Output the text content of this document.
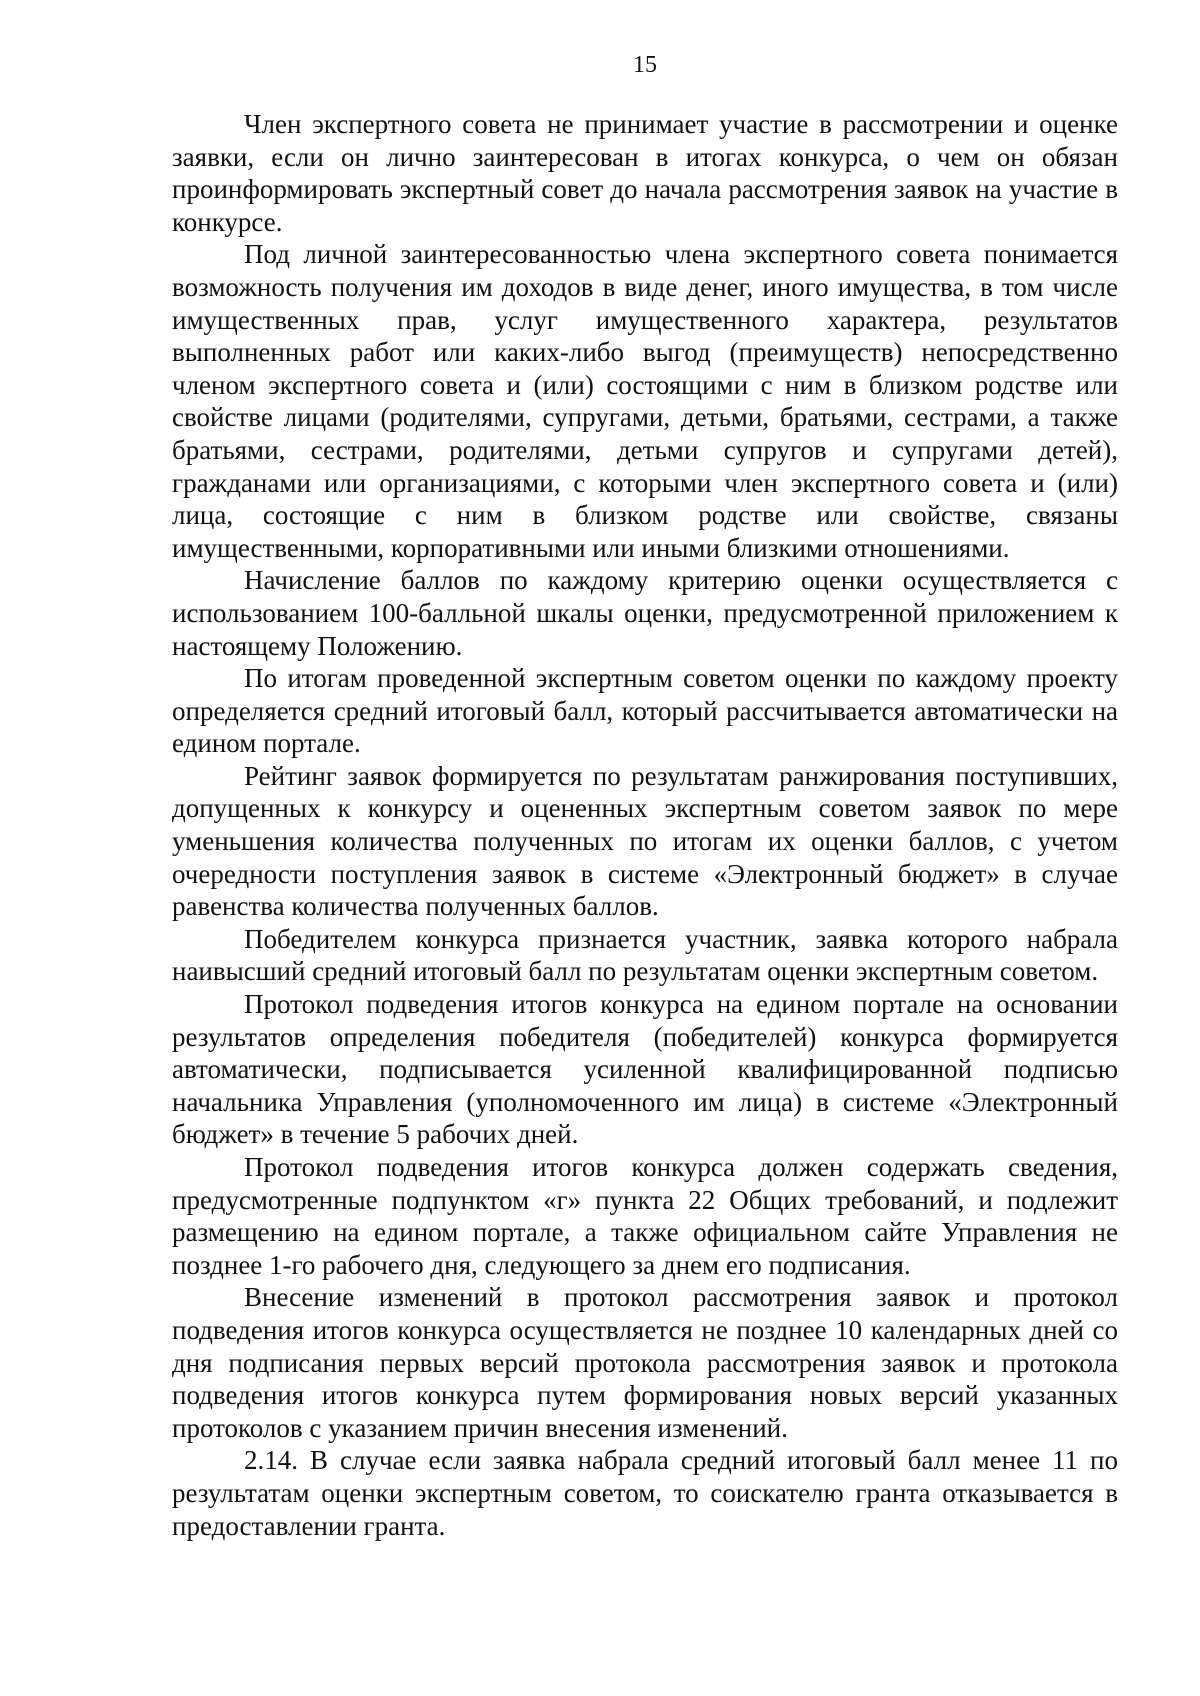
15

Член экспертного совета не принимает участие в рассмотрении и оценке заявки, если он лично заинтересован в итогах конкурса, о чем он обязан проинформировать экспертный совет до начала рассмотрения заявок на участие в конкурсе.

Под личной заинтересованностью члена экспертного совета понимается возможность получения им доходов в виде денег, иного имущества, в том числе имущественных прав, услуг имущественного характера, результатов выполненных работ или каких-либо выгод (преимуществ) непосредственно членом экспертного совета и (или) состоящими с ним в близком родстве или свойстве лицами (родителями, супругами, детьми, братьями, сестрами, а также братьями, сестрами, родителями, детьми супругов и супругами детей), гражданами или организациями, с которыми член экспертного совета и (или) лица, состоящие с ним в близком родстве или свойстве, связаны имущественными, корпоративными или иными близкими отношениями.

Начисление баллов по каждому критерию оценки осуществляется с использованием 100-балльной шкалы оценки, предусмотренной приложением к настоящему Положению.

По итогам проведенной экспертным советом оценки по каждому проекту определяется средний итоговый балл, который рассчитывается автоматически на едином портале.

Рейтинг заявок формируется по результатам ранжирования поступивших, допущенных к конкурсу и оцененных экспертным советом заявок по мере уменьшения количества полученных по итогам их оценки баллов, с учетом очередности поступления заявок в системе «Электронный бюджет» в случае равенства количества полученных баллов.

Победителем конкурса признается участник, заявка которого набрала наивысший средний итоговый балл по результатам оценки экспертным советом.

Протокол подведения итогов конкурса на едином портале на основании результатов определения победителя (победителей) конкурса формируется автоматически, подписывается усиленной квалифицированной подписью начальника Управления (уполномоченного им лица) в системе «Электронный бюджет» в течение 5 рабочих дней.

Протокол подведения итогов конкурса должен содержать сведения, предусмотренные подпунктом «г» пункта 22 Общих требований, и подлежит размещению на едином портале, а также официальном сайте Управления не позднее 1-го рабочего дня, следующего за днем его подписания.

Внесение изменений в протокол рассмотрения заявок и протокол подведения итогов конкурса осуществляется не позднее 10 календарных дней со дня подписания первых версий протокола рассмотрения заявок и протокола подведения итогов конкурса путем формирования новых версий указанных протоколов с указанием причин внесения изменений.

2.14. В случае если заявка набрала средний итоговый балл менее 11 по результатам оценки экспертным советом, то соискателю гранта отказывается в предоставлении гранта.
